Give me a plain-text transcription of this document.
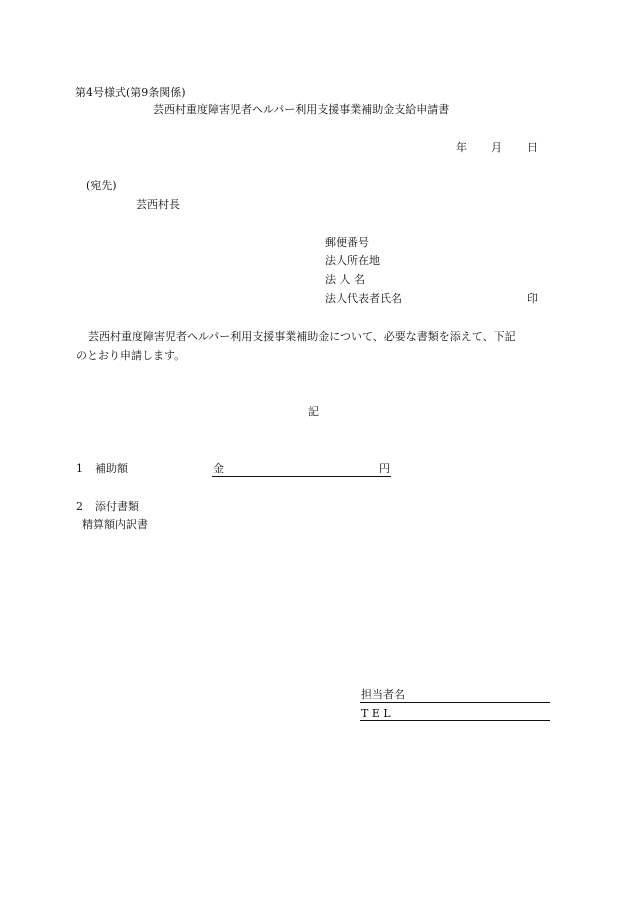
第4号様式(第9条関係)
芸西村重度障害児者ヘルパー利用支援事業補助金支給申請書
年 月 日
(宛先)
芸西村長
郵便番号
法人所在地
法 人 名
法人代表者氏名	印
芸西村重度障害児者ヘルパー利用支援事業補助金について、必要な書類を添えて、下記
のとおり申請します。
記
1 補助額	金	円
2 添付書類
精算額内訳書
担当者名
T E L
